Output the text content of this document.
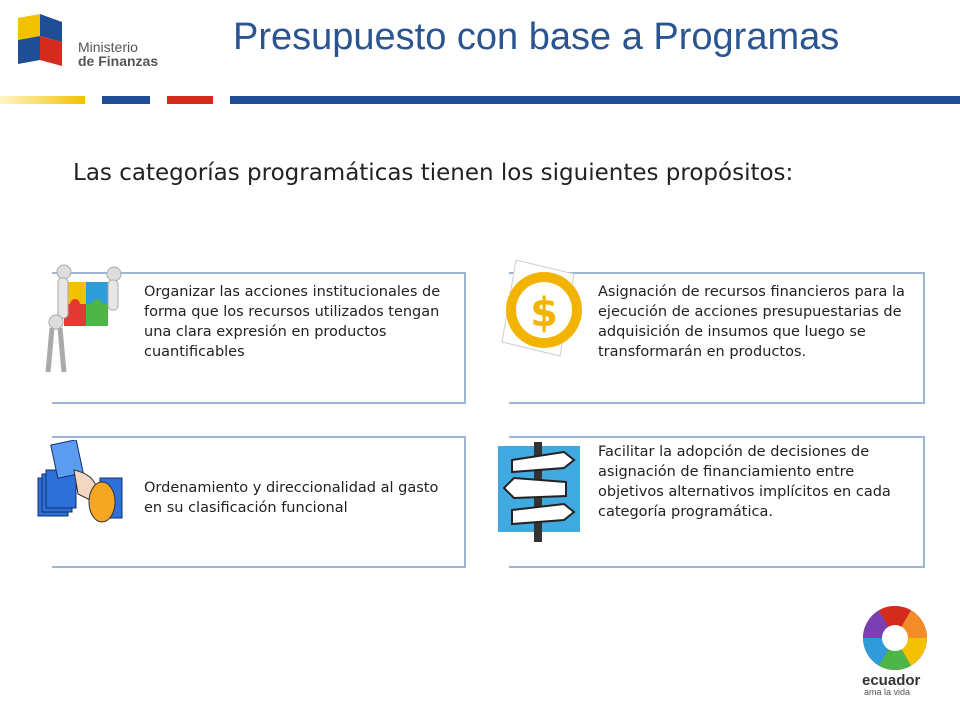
Ministerio
de Finanzas
Presupuesto con base a Programas
Las categorías programáticas tienen los siguientes propósitos:
Organizar las acciones institucionales de forma que los recursos utilizados tengan una clara expresión en productos cuantificables
$	Asignación de recursos financieros para la ejecución de acciones presupuestarias de adquisición de insumos que luego se transformarán en productos.
Ordenamiento y direccionalidad al gasto en su clasificación funcional
Facilitar la adopción de decisiones de asignación de financiamiento entre objetivos alternativos implícitos en cada categoría programática.
ecuador
ama la vida
